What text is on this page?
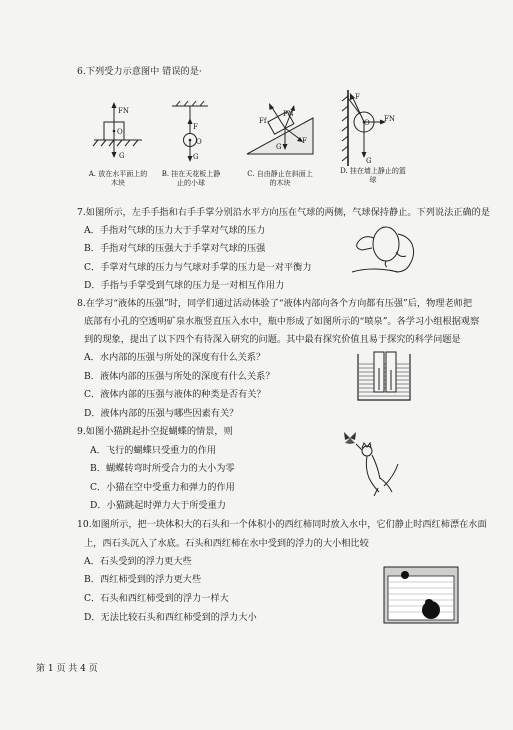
6.下列受力示意图中 错误的是·
FN
O
G
A. 放在水平面上的木块
F
O
G
B. 挂在天花板上静止的小球
Ff
FN
F
G
C. 自由静止在斜面上的木块
F
O FN
G
D. 挂在墙上静止的篮球
7.如图所示，左手手指和右手手掌分别沿水平方向压在气球的两侧，气球保持静止。下列说法正确的是
A．手指对气球的压力大于手掌对气球的压力
B．手指对气球的压强大于手掌对气球的压强
C．手掌对气球的压力与气球对手掌的压力是一对平衡力
D．手指与手掌受到气球的压力是一对相互作用力
8.在学习“液体的压强”时，同学们通过活动体验了“液体内部向各个方向都有压强”后，物理老师把
底部有小孔的空透明矿泉水瓶竖直压入水中，瓶中形成了如图所示的“喷泉”。各学习小组根据观察
到的现象，提出了以下四个有待深入研究的问题。其中最有探究价值且易于探究的科学问题是
A．水内部的压强与所处的深度有什么关系？
B．液体内部的压强与所处的深度有什么关系？
C．液体内部的压强与液体的种类是否有关？
D．液体内部的压强与哪些因素有关？
9.如图小猫跳起扑空捉蝴蝶的情景，则
A．飞行的蝴蝶只受重力的作用
B．蝴蝶转弯时所受合力的大小为零
C．小猫在空中受重力和弹力的作用
D．小猫跳起时弹力大于所受重力
10.如图所示，把一块体积大的石头和一个体积小的西红柿同时放入水中，它们静止时西红柿漂在水面
上，西石头沉入了水底。石头和西红柿在水中受到的浮力的大小相比较
A．石头受到的浮力更大些
B．西红柿受到的浮力更大些
C．石头和西红柿受到的浮力一样大
D．无法比较石头和西红柿受到的浮力大小
第 1 页 共 4 页
